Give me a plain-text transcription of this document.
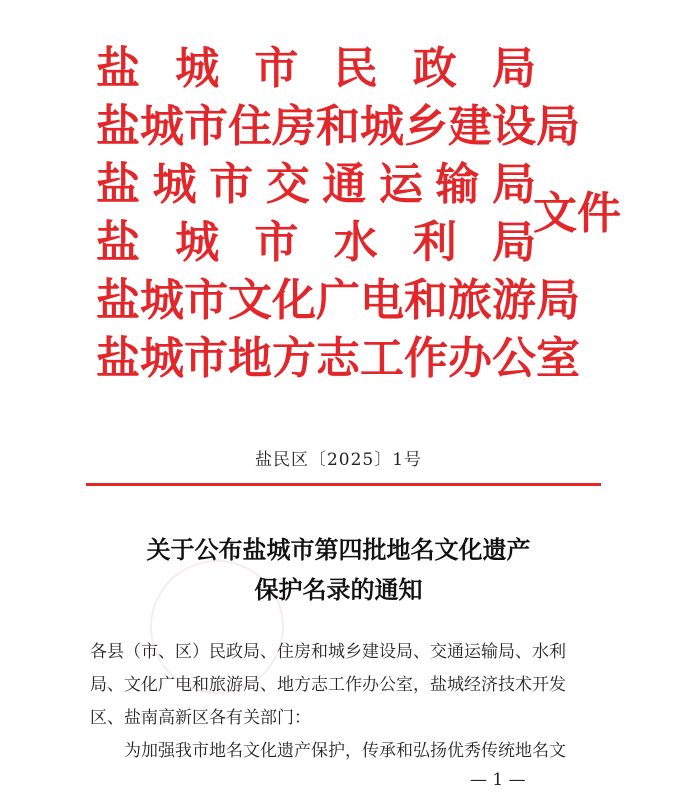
盐 城 市 民 政 局
盐 城 市 住 房 和 城 乡 建 设 局
盐 城 市 交 通 运 输 局
盐 城 市 水 利 局
盐 城 市 文 化 广 电 和 旅 游 局
盐 城 市 地 方 志 工 作 办 公 室
文件
盐民区〔2025〕1号
关于公布盐城市第四批地名文化遗产
保护名录的通知

各县（市、区）民政局、住房和城乡建设局、交通运输局、水利

局、文化广电和旅游局、地方志工作办公室，盐城经济技术开发

区、盐南高新区各有关部门：

为加强我市地名文化遗产保护，传承和弘扬优秀传统地名文

— 1 —
